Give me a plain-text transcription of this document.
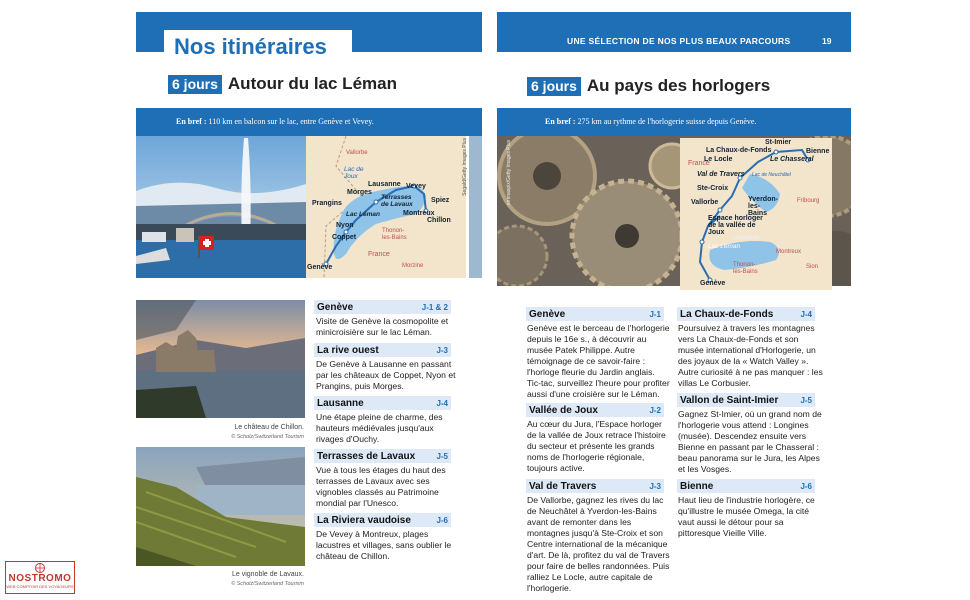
Nos itinéraires	UNE SÉLECTION DE NOS PLUS BEAUX PARCOURS	19
6 jours Autour du lac Léman
En bref : 110 km en balcon sur le lac, entre Genève et Vevey.
Vallorbe
Lac de Joux
Lausanne
Morges
Vevey
Spiez
Prangins
Terrasses de Lavaux
Montreux
Chillon
Lac Léman
Nyon
Coppet
Thonon-les-Bains
France
Morzine
Genève
Segald/Getty Images Plus
Le château de Chillon.
© Scholz/Switzerland Tourism
Le vignoble de Lavaux.
© Scholz/Switzerland Tourism
Genève	J-1 & 2
Visite de Genève la cosmopolite et minicroisière sur le lac Léman.
La rive ouest	J-3
De Genève à Lausanne en passant par les châteaux de Coppet, Nyon et Prangins, puis Morges.
Lausanne	J-4
Une étape pleine de charme, des hauteurs médiévales jusqu'aux rivages d'Ouchy.
Terrasses de Lavaux	J-5
Vue à tous les étages du haut des terrasses de Lavaux avec ses vignobles classés au Patrimoine mondial par l'Unesco.
La Riviera vaudoise	J-6
De Vevey à Montreux, plages lacustres et villages, sans oublier le château de Chillon.
6 jours Au pays des horlogers
En bref : 275 km au rythme de l'horlogerie suisse depuis Genève.
St-Imier
La Chaux-de-Fonds	Bienne
Le Locle	Le Chasseral
France
Val de Travers Lac de Neuchâtel
Ste-Croix
Vallorbe	Yverdon-les-Bains
Fribourg
Espace horloger de la vallée de Joux
Lausanne
Lac Léman
Montreux
Sion
Thonon-les-Bains
Genève
emmaspix/Getty Images Plus
Genève	J-1
Genève est le berceau de l'horlogerie depuis le 16e s., à découvrir au musée Patek Philippe. Autre témoignage de ce savoir-faire : l'horloge fleurie du Jardin anglais. Tic-tac, surveillez l'heure pour profiter aussi d'une croisière sur le Léman.
Vallée de Joux	J-2
Au cœur du Jura, l'Espace horloger de la vallée de Joux retrace l'histoire du secteur et présente les grands noms de l'horlogerie régionale, toujours active.
Val de Travers	J-3
De Vallorbe, gagnez les rives du lac de Neuchâtel à Yverdon-les-Bains avant de remonter dans les montagnes jusqu'à Ste-Croix et son Centre international de la mécanique d'art. De là, profitez du val de Travers pour faire de belles randonnées. Puis ralliez Le Locle, autre capitale de l'horlogerie.
La Chaux-de-Fonds	J-4
Poursuivez à travers les montagnes vers La Chaux-de-Fonds et son musée international d'Horlogerie, un des joyaux de la « Watch Valley ». Autre curiosité à ne pas manquer : les villas Le Corbusier.
Vallon de Saint-Imier	J-5
Gagnez St-Imier, où un grand nom de l'horlogerie vous attend : Longines (musée). Descendez ensuite vers Bienne en passant par le Chasseral : beau panorama sur le Jura, les Alpes et les Vosges.
Bienne	J-6
Haut lieu de l'industrie horlogère, ce qu'illustre le musée Omega, la cité vaut aussi le détour pour sa pittoresque Vieille Ville.
NOSTROMO
WEB COMPTOIR DES VOYAGEURS
